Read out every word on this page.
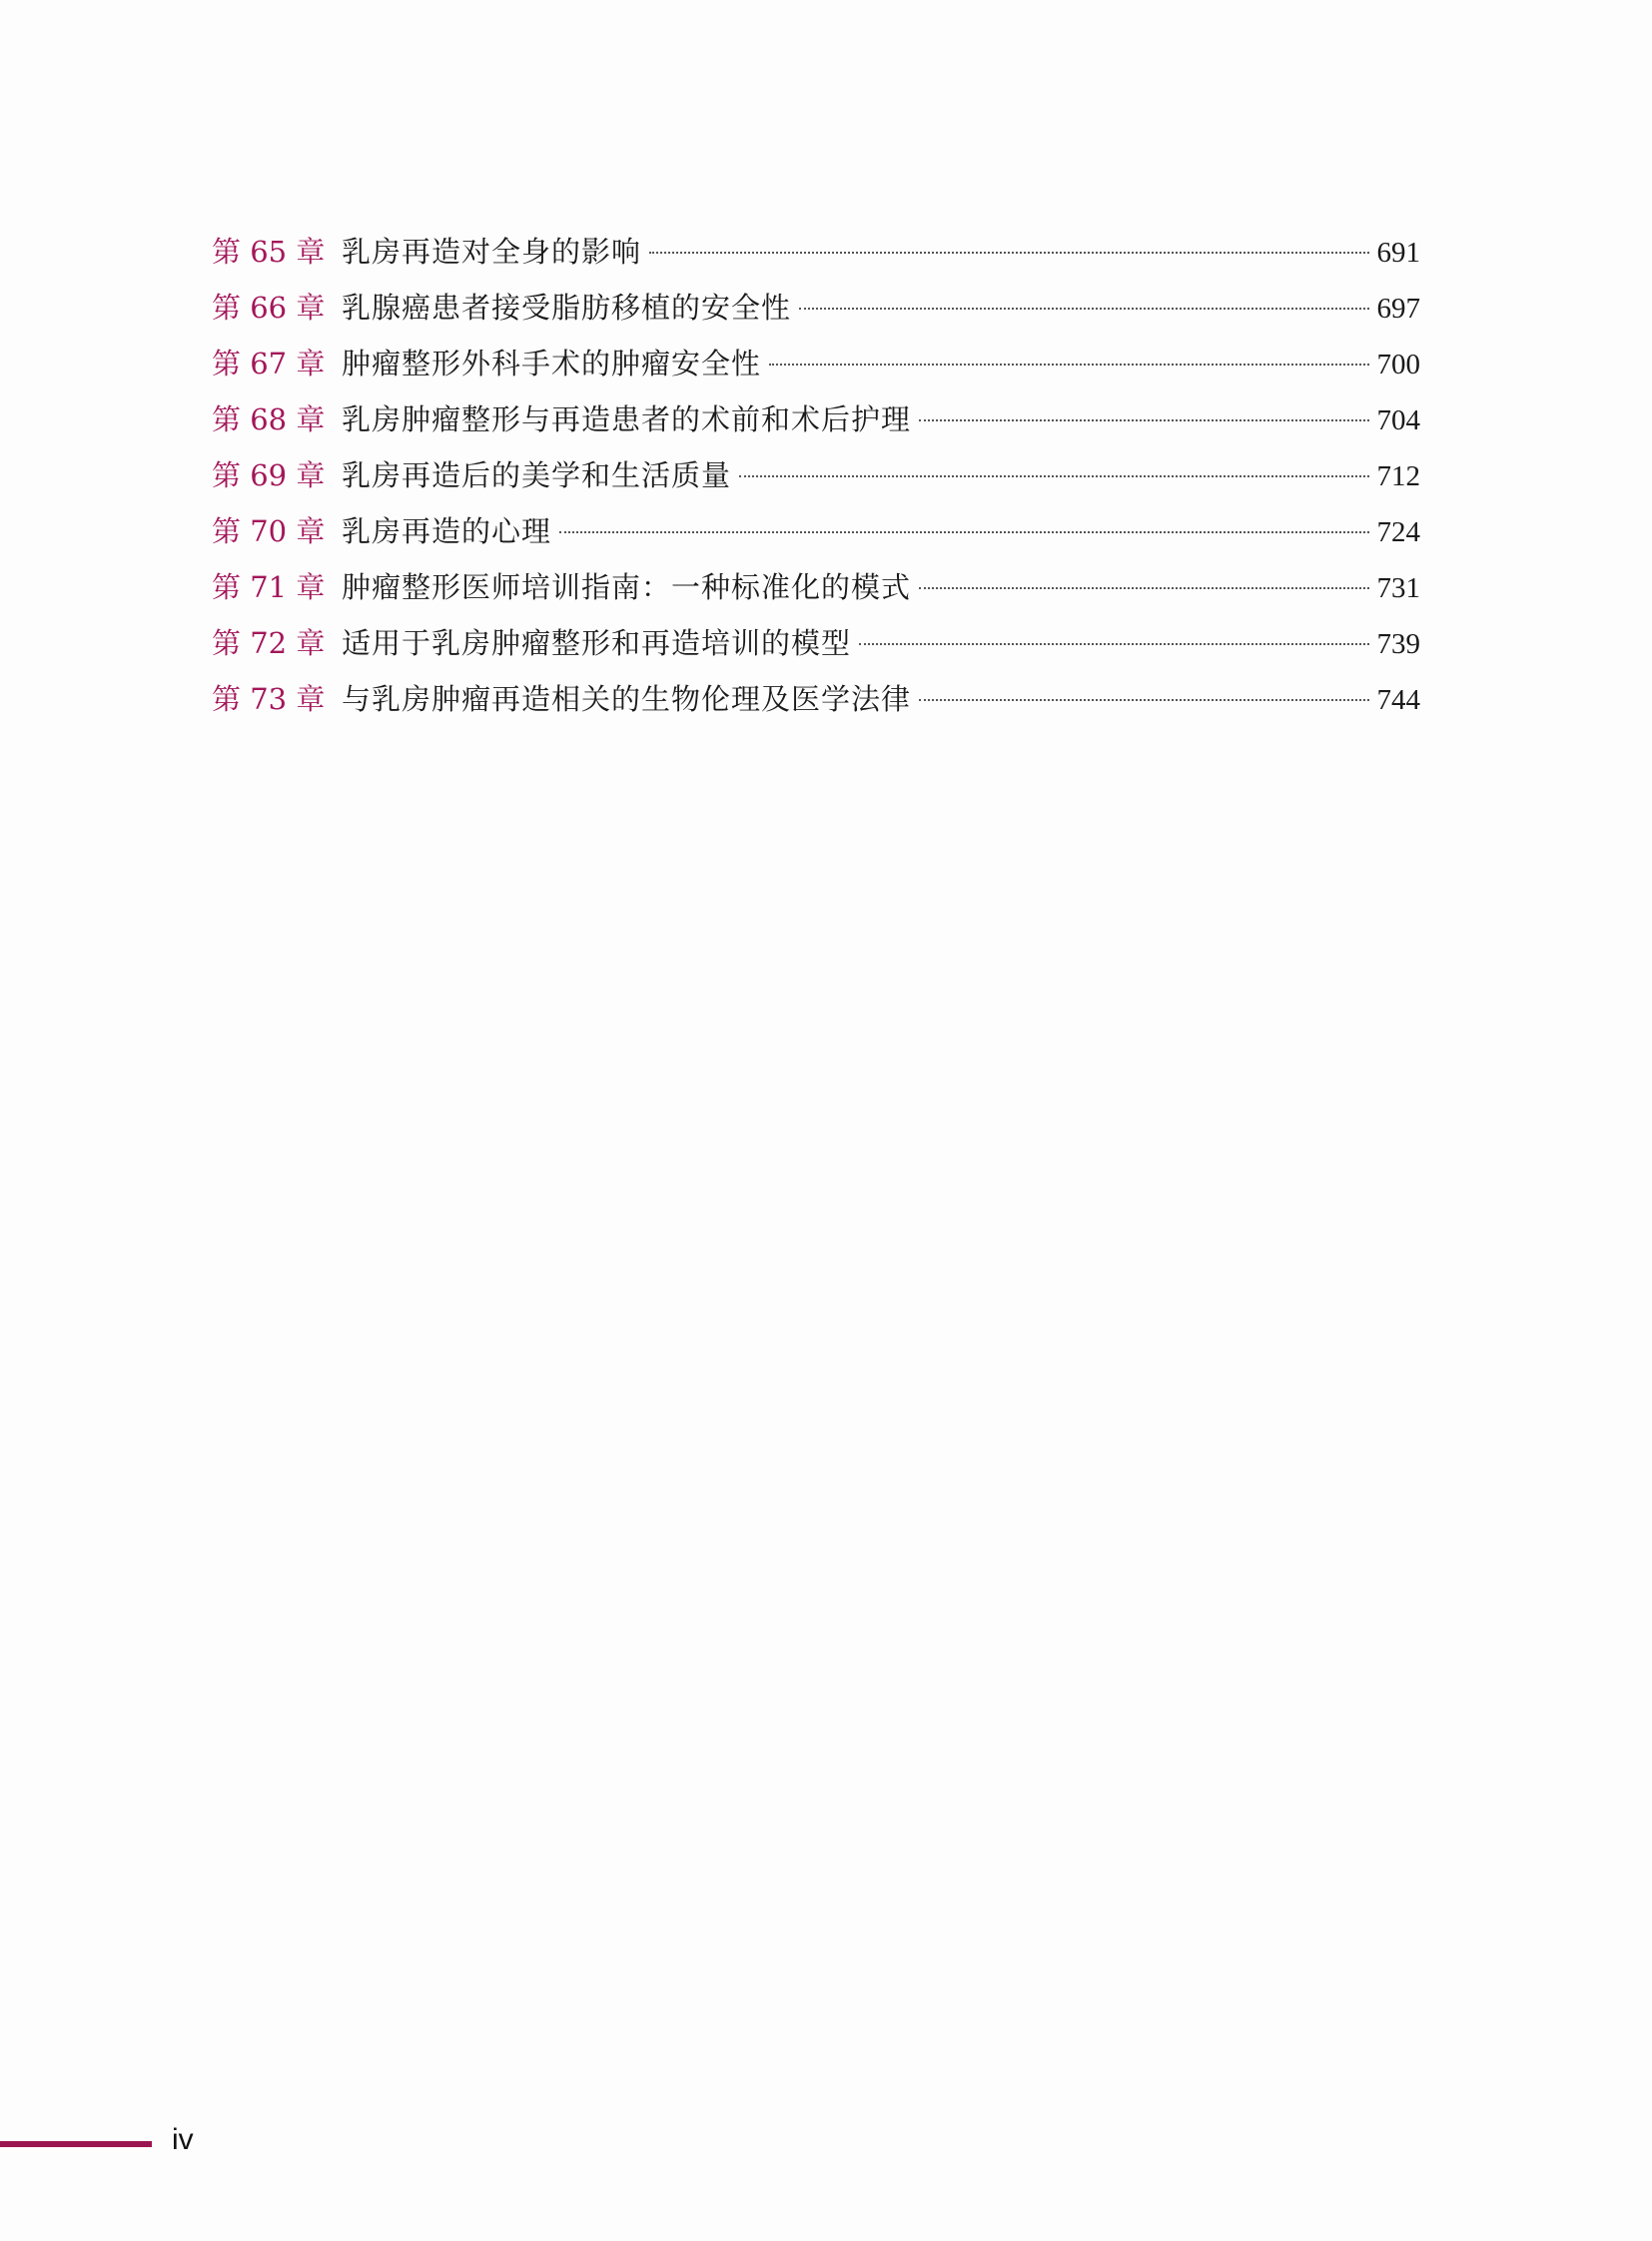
第 65 章 乳房再造对全身的影响	691
第 66 章 乳腺癌患者接受脂肪移植的安全性	697
第 67 章 肿瘤整形外科手术的肿瘤安全性	700
第 68 章 乳房肿瘤整形与再造患者的术前和术后护理	704
第 69 章 乳房再造后的美学和生活质量	712
第 70 章 乳房再造的心理	724
第 71 章 肿瘤整形医师培训指南：一种标准化的模式	731
第 72 章 适用于乳房肿瘤整形和再造培训的模型	739
第 73 章 与乳房肿瘤再造相关的生物伦理及医学法律	744
iv
